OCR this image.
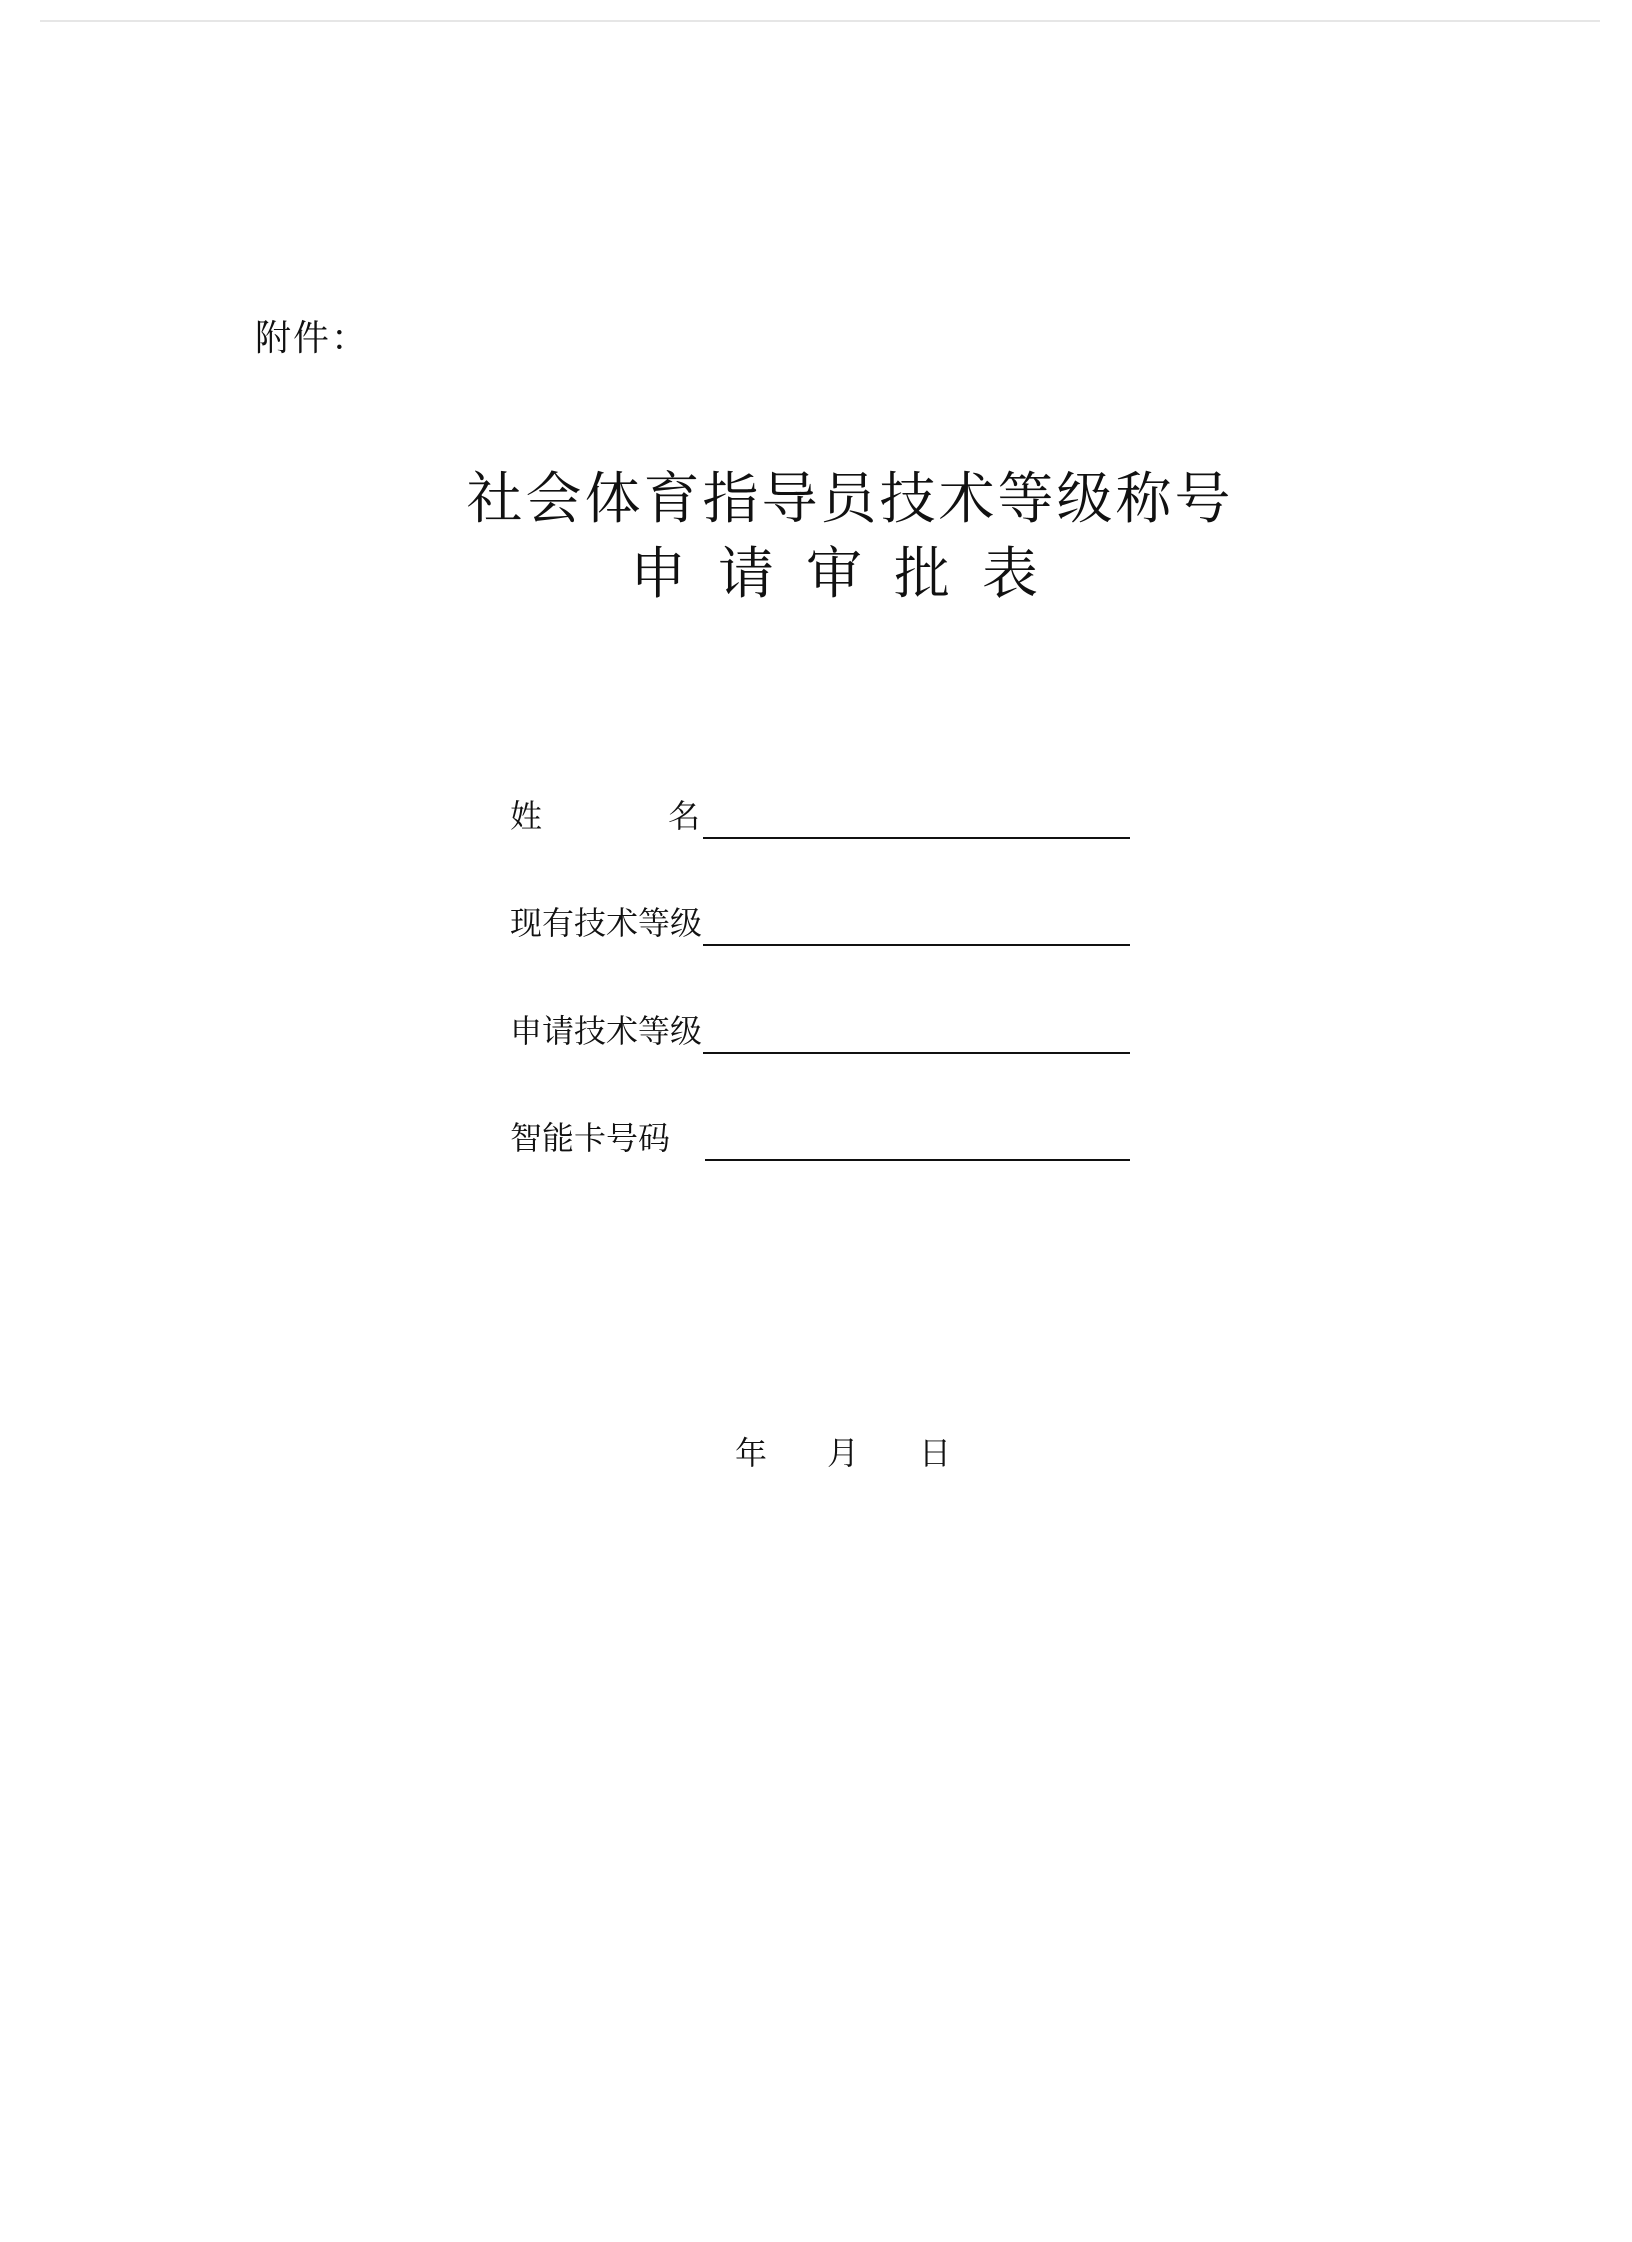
附件：
社会体育指导员技术等级称号
申请审批表
姓	名
现有技术等级
申请技术等级
智能卡号码
年 月 日
